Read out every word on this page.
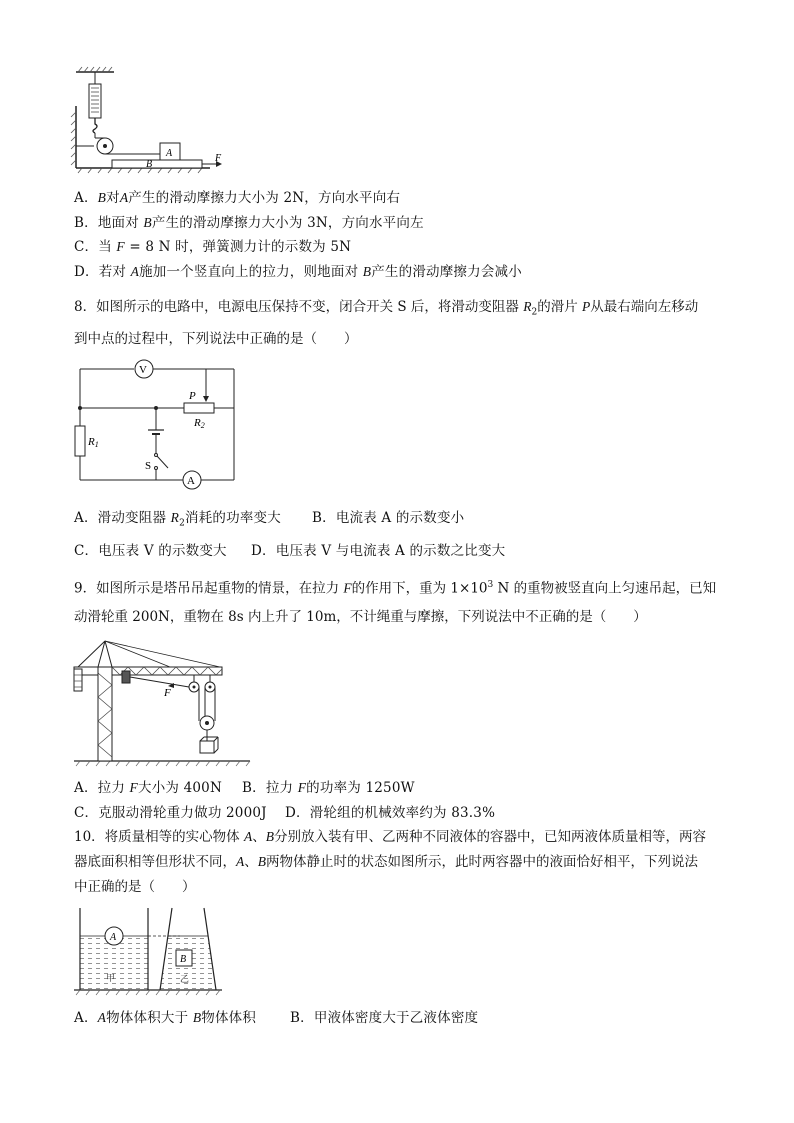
B
A	F
A．B对A产生的滑动摩擦力大小为 2N，方向水平向右
B．地面对 B产生的滑动摩擦力大小为 3N，方向水平向左
C．当 F = 8 N 时，弹簧测力计的示数为 5N
D．若对 A施加一个竖直向上的拉力，则地面对 B产生的滑动摩擦力会减小
8．如图所示的电路中，电源电压保持不变，闭合开关 S 后，将滑动变阻器 $R_2$的滑片 P从最右端向左移动
到中点的过程中，下列说法中正确的是（　　）
V
A
R2
P
R1
S
A．滑动变阻器 $R_2$消耗的功率变大 B．电流表 A 的示数变小
C．电压表 V 的示数变大 D．电压表 V 与电流表 A 的示数之比变大
9．如图所示是塔吊吊起重物的情景，在拉力 F的作用下，重为 $1\times 10^3$ N 的重物被竖直向上匀速吊起，已知
动滑轮重 200N，重物在 8s 内上升了 10m，不计绳重与摩擦，下列说法中不正确的是（　　）
F
A．拉力 F大小为 400N B．拉力 F的功率为 1250W
C．克服动滑轮重力做功 2000J D．滑轮组的机械效率约为 83.3%
10．将质量相等的实心物体 A、B分别放入装有甲、乙两种不同液体的容器中，已知两液体质量相等，两容
器底面积相等但形状不同，A、B两物体静止时的状态如图所示，此时两容器中的液面恰好相平，下列说法
中正确的是（　　）
A
甲
B
乙
A．A物体体积大于 B物体体积	B．甲液体密度大于乙液体密度
